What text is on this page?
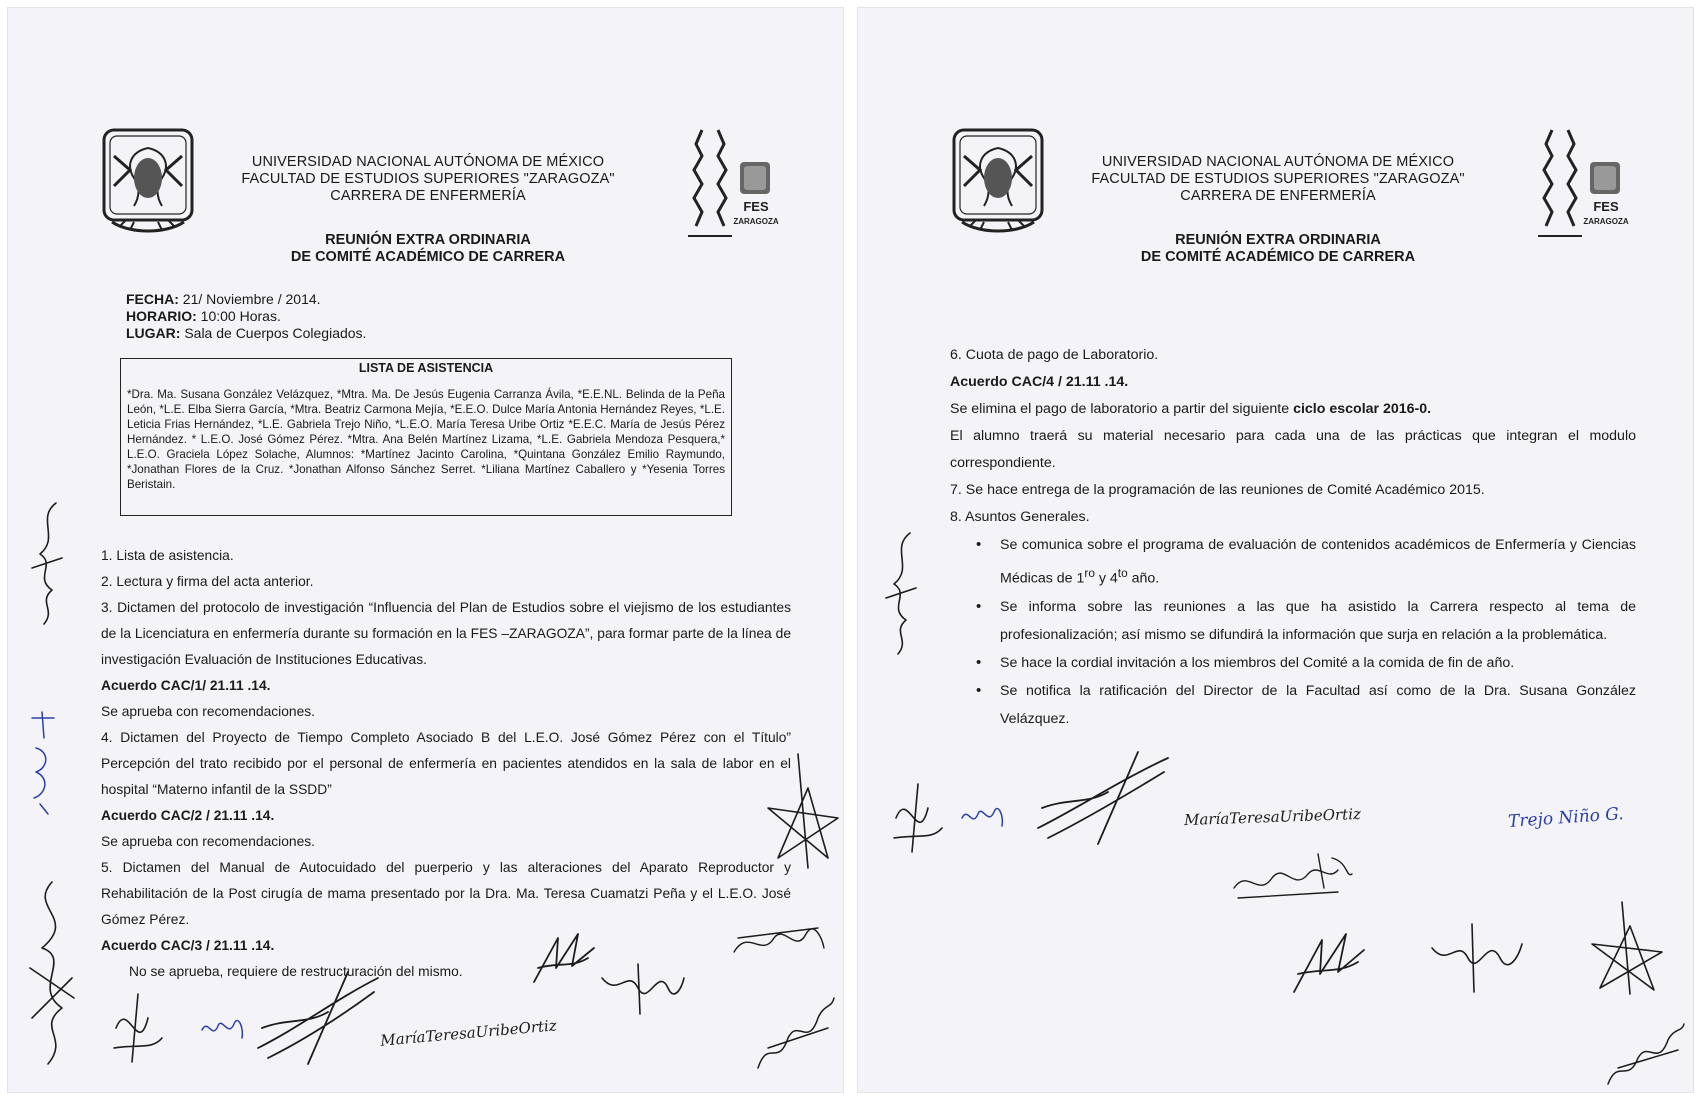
FES
ZARAGOZA
UNIVERSIDAD NACIONAL AUTÓNOMA DE MÉXICO
FACULTAD DE ESTUDIOS SUPERIORES "ZARAGOZA"
CARRERA DE ENFERMERÍA
REUNIÓN EXTRA ORDINARIA
DE COMITÉ ACADÉMICO DE CARRERA
FECHA: 21/ Noviembre / 2014.
HORARIO: 10:00 Horas.
LUGAR: Sala de Cuerpos Colegiados.

LISTA DE ASISTENCIA

*Dra. Ma. Susana González Velázquez, *Mtra. Ma. De Jesús Eugenia Carranza Ávila, *E.E.NL. Belinda de la Peña León, *L.E. Elba Sierra García, *Mtra. Beatriz Carmona Mejía, *E.E.O. Dulce María Antonia Hernández Reyes, *L.E. Leticia Frias Hernández, *L.E. Gabriela Trejo Niño, *L.E.O. María Teresa Uribe Ortiz *E.E.C. María de Jesús Pérez Hernández. * L.E.O. José Gómez Pérez. *Mtra. Ana Belén Martínez Lizama, *L.E. Gabriela Mendoza Pesquera,* L.E.O. Graciela López Solache, Alumnos: *Martínez Jacinto Carolina, *Quintana González Emilio Raymundo, *Jonathan Flores de la Cruz. *Jonathan Alfonso Sánchez Serret. *Liliana Martínez Caballero y *Yesenia Torres Beristain.

1. Lista de asistencia.

2. Lectura y firma del acta anterior.

3. Dictamen del protocolo de investigación “Influencia del Plan de Estudios sobre el viejismo de los estudiantes de la Licenciatura en enfermería durante su formación en la FES –ZARAGOZA”, para formar parte de la línea de investigación Evaluación de Instituciones Educativas.

Acuerdo CAC/1/ 21.11 .14.

Se aprueba con recomendaciones.

4. Dictamen del Proyecto de Tiempo Completo Asociado B del L.E.O. José Gómez Pérez con el Título” Percepción del trato recibido por el personal de enfermería en pacientes atendidos en la sala de labor en el hospital “Materno infantil de la SSDD”

Acuerdo CAC/2 / 21.11 .14.

Se aprueba con recomendaciones.

5. Dictamen del Manual de Autocuidado del puerperio y las alteraciones del Aparato Reproductor y Rehabilitación de la Post cirugía de mama presentado por la Dra. Ma. Teresa Cuamatzi Peña y el L.E.O. José Gómez Pérez.

Acuerdo CAC/3 / 21.11 .14.

No se aprueba, requiere de restructuración del mismo.

MaríaTeresaUribeOrtiz
FES
ZARAGOZA
UNIVERSIDAD NACIONAL AUTÓNOMA DE MÉXICO
FACULTAD DE ESTUDIOS SUPERIORES "ZARAGOZA"
CARRERA DE ENFERMERÍA
REUNIÓN EXTRA ORDINARIA
DE COMITÉ ACADÉMICO DE CARRERA

6. Cuota de pago de Laboratorio.

Acuerdo CAC/4 / 21.11 .14.

Se elimina el pago de laboratorio a partir del siguiente ciclo escolar 2016-0.

El alumno traerá su material necesario para cada una de las prácticas que integran el modulo correspondiente.

7. Se hace entrega de la programación de las reuniones de Comité Académico 2015.

8. Asuntos Generales.

• Se comunica sobre el programa de evaluación de contenidos académicos de Enfermería y Ciencias Médicas de $1^{ro}$ y $4^{to}$ año.

• Se informa sobre las reuniones a las que ha asistido la Carrera respecto al tema de profesionalización; así mismo se difundirá la información que surja en relación a la problemática.

• Se hace la cordial invitación a los miembros del Comité a la comida de fin de año.

• Se notifica la ratificación del Director de la Facultad así como de la Dra. Susana González Velázquez.

MaríaTeresaUribeOrtiz	Trejo Niño G.
